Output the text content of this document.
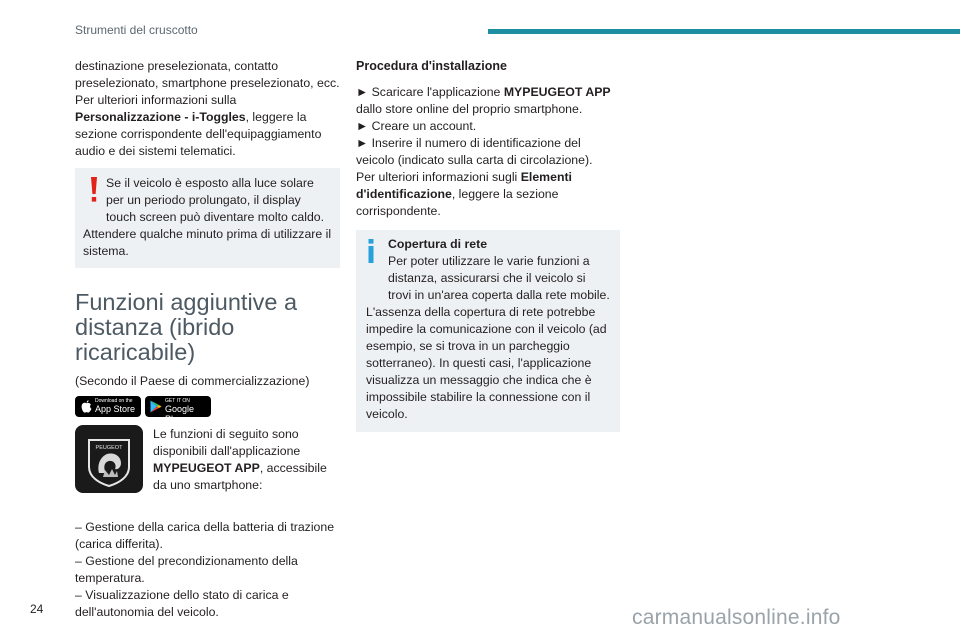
Strumenti del cruscotto

destinazione preselezionata, contatto preselezionato, smartphone preselezionato, ecc.
Per ulteriori informazioni sulla Personalizzazione - i-Toggles, leggere la sezione corrispondente dell'equipaggiamento audio e dei sistemi telematici.

Se il veicolo è esposto alla luce solare per un periodo prolungato, il display touch screen può diventare molto caldo.

Attendere qualche minuto prima di utilizzare il sistema.

Funzioni aggiuntive a distanza (ibrido ricaricabile)

(Secondo il Paese di commercializzazione)

Download on the
App Store
GET IT ON
Google Play
PEUGEOT

Le funzioni di seguito sono disponibili dall'applicazione MYPEUGEOT APP, accessibile da uno smartphone:

– Gestione della carica della batteria di trazione (carica differita).

– Gestione del precondizionamento della temperatura.

– Visualizzazione dello stato di carica e dell'autonomia del veicolo.

Procedura d'installazione

► Scaricare l'applicazione MYPEUGEOT APP dallo store online del proprio smartphone.

► Creare un account.

► Inserire il numero di identificazione del veicolo (indicato sulla carta di circolazione).

Per ulteriori informazioni sugli Elementi d'identificazione, leggere la sezione corrispondente.

Copertura di rete

Per poter utilizzare le varie funzioni a distanza, assicurarsi che il veicolo si trovi in un'area coperta dalla rete mobile.

L'assenza della copertura di rete potrebbe impedire la comunicazione con il veicolo (ad esempio, se si trova in un parcheggio sotterraneo). In questi casi, l'applicazione visualizza un messaggio che indica che è impossibile stabilire la connessione con il veicolo.

24	carmanualsonline.info
